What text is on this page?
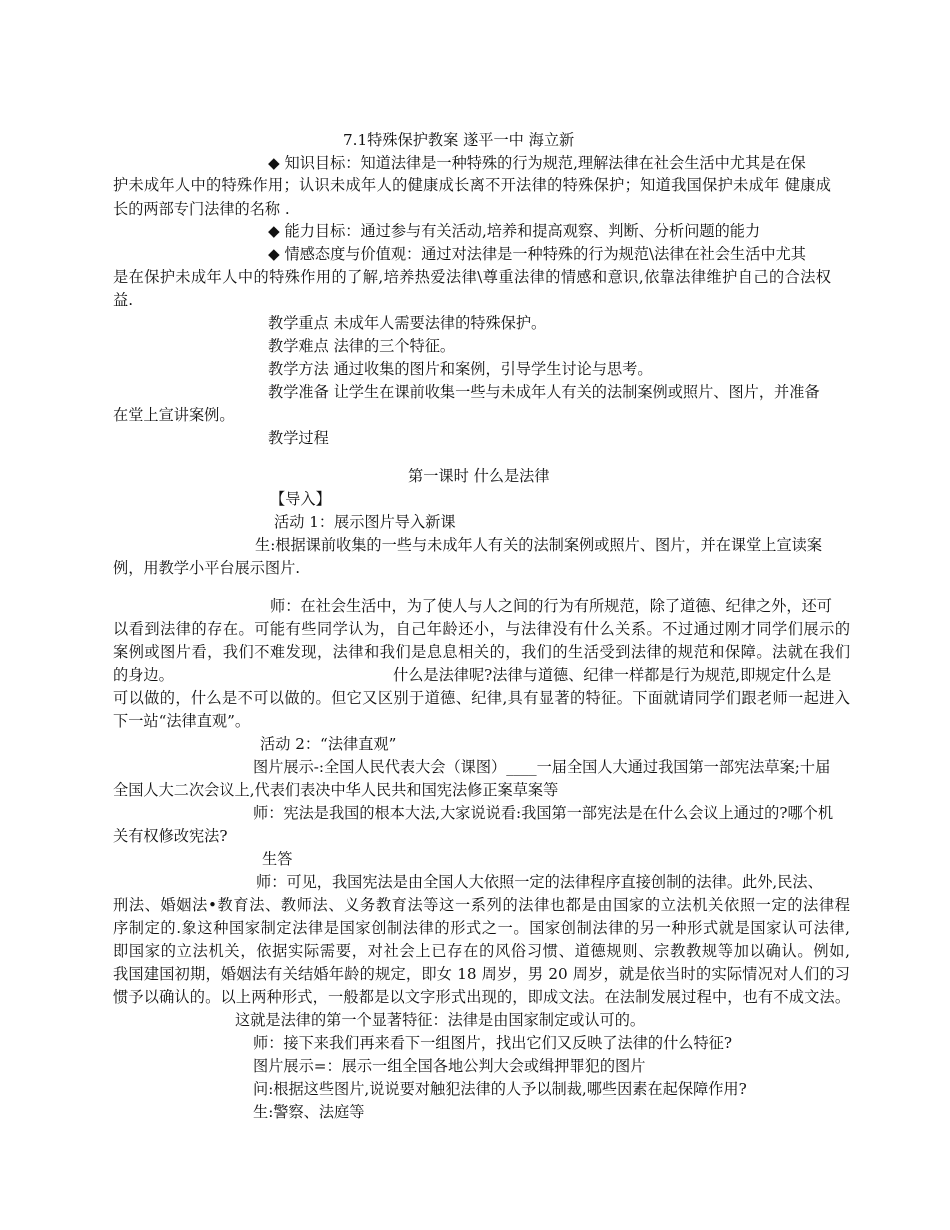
7.1特殊保护教案 遂平一中 海立新
◆ 知识目标：知道法律是一种特殊的行为规范,理解法律在社会生活中尤其是在保
护未成年人中的特殊作用；认识未成年人的健康成长离不开法律的特殊保护；知道我国保护未成年 健康成
长的两部专门法律的名称 .
◆ 能力目标：通过参与有关活动,培养和提高观察、判断、分析问题的能力
◆ 情感态度与价值观：通过对法律是一种特殊的行为规范\法律在社会生活中尤其
是在保护未成年人中的特殊作用的了解,培养热爱法律\尊重法律的情感和意识,依靠法律维护自己的合法权
益.
教学重点 未成年人需要法律的特殊保护。
教学难点 法律的三个特征。
教学方法 通过收集的图片和案例，引导学生讨论与思考。
教学准备 让学生在课前收集一些与未成年人有关的法制案例或照片、图片，并准备
在堂上宣讲案例。
教学过程
第一课时 什么是法律
【导入】
活动 1：展示图片导入新课
生:根据课前收集的一些与未成年人有关的法制案例或照片、图片，并在课堂上宣读案
例，用教学小平台展示图片.
师：在社会生活中，为了使人与人之间的行为有所规范，除了道德、纪律之外，还可
以看到法律的存在。可能有些同学认为，自己年龄还小，与法律没有什么关系。不过通过刚才同学们展示的
案例或图片看，我们不难发现，法律和我们是息息相关的，我们的生活受到法律的规范和保障。法就在我们
的身边。	什么是法律呢?法律与道德、纪律一样都是行为规范,即规定什么是
可以做的，什么是不可以做的。但它又区别于道德、纪律,具有显著的特征。下面就请同学们跟老师一起进入
下一站“法律直观”。
活动 2：“法律直观”
图片展示-:全国人民代表大会（课图）____一届全国人大通过我国第一部宪法草案;十届
全国人大二次会议上,代表们表决中华人民共和国宪法修正案草案等
师：宪法是我国的根本大法,大家说说看:我国第一部宪法是在什么会议上通过的?哪个机
关有权修改宪法?
生答
师：可见，我国宪法是由全国人大依照一定的法律程序直接创制的法律。此外,民法、
刑法、婚姻法•教育法、教师法、义务教育法等这一系列的法律也都是由国家的立法机关依照一定的法律程
序制定的.象这种国家制定法律是国家创制法律的形式之一。国家创制法律的另一种形式就是国家认可法律,
即国家的立法机关，依据实际需要，对社会上已存在的风俗习惯、道德规则、宗教教规等加以确认。例如,
我国建国初期，婚姻法有关结婚年龄的规定，即女 18 周岁，男 20 周岁，就是依当时的实际情况对人们的习
惯予以确认的。以上两种形式，一般都是以文字形式出现的，即成文法。在法制发展过程中，也有不成文法。
这就是法律的第一个显著特征：法律是由国家制定或认可的。
师：接下来我们再来看下一组图片，找出它们又反映了法律的什么特征?
图片展示=：展示一组全国各地公判大会或缉押罪犯的图片
问:根据这些图片,说说要对触犯法律的人予以制裁,哪些因素在起保障作用?
生:警察、法庭等
